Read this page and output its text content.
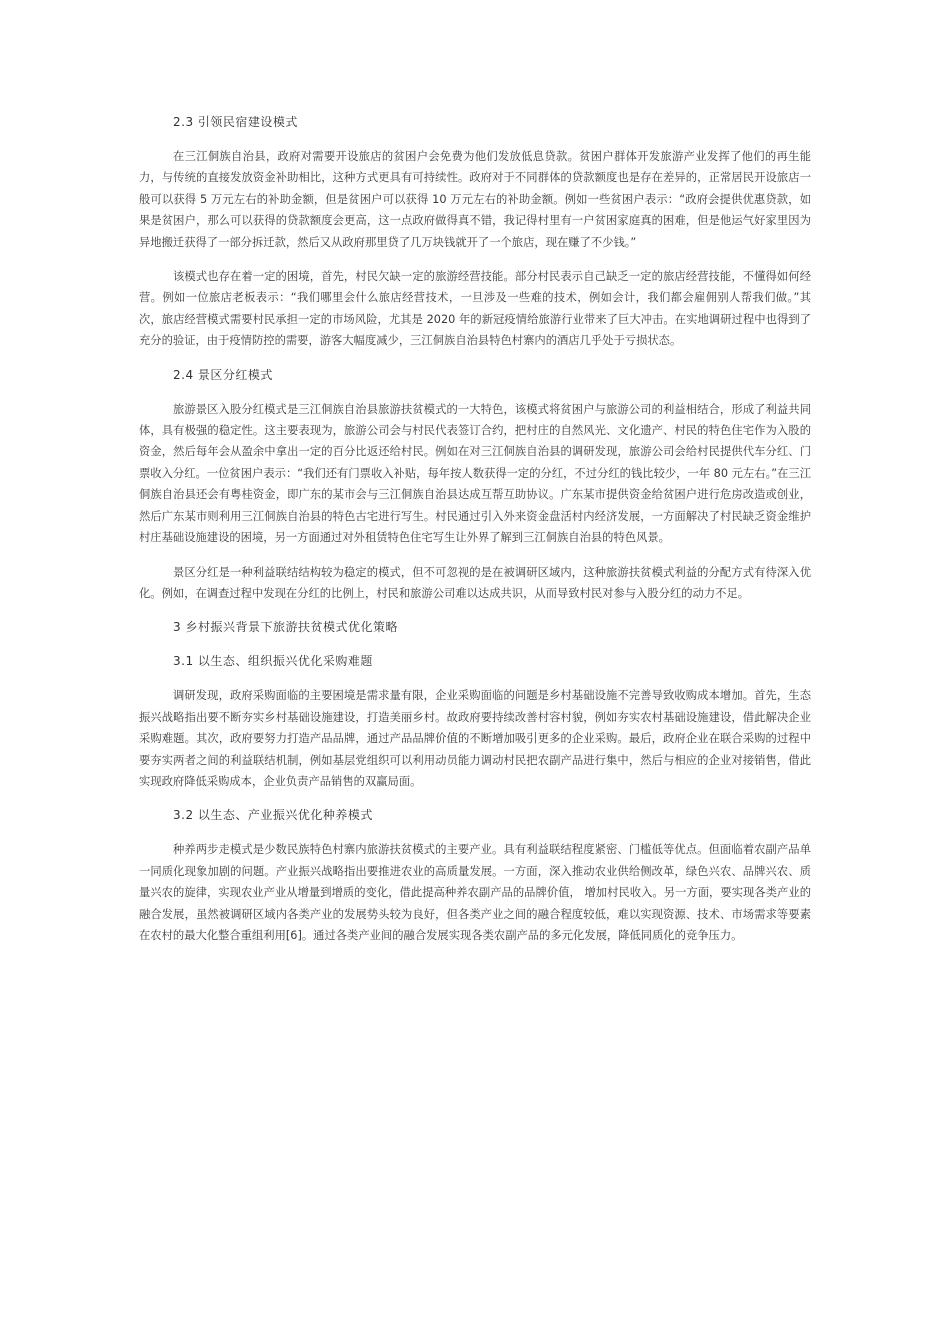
2.3 引领民宿建设模式

在三江侗族自治县，政府对需要开设旅店的贫困户会免费为他们发放低息贷款。贫困户群体开发旅游产业发挥了他们的再生能力，与传统的直接发放资金补助相比，这种方式更具有可持续性。政府对于不同群体的贷款额度也是存在差异的，正常居民开设旅店一般可以获得 5 万元左右的补助金额，但是贫困户可以获得 10 万元左右的补助金额。例如一些贫困户表示：“政府会提供优惠贷款，如果是贫困户，那么可以获得的贷款额度会更高，这一点政府做得真不错，我记得村里有一户贫困家庭真的困难，但是他运气好家里因为异地搬迁获得了一部分拆迁款，然后又从政府那里贷了几万块钱就开了一个旅店，现在赚了不少钱。”

该模式也存在着一定的困境，首先，村民欠缺一定的旅游经营技能。部分村民表示自己缺乏一定的旅店经营技能，不懂得如何经营。例如一位旅店老板表示：“我们哪里会什么旅店经营技术，一旦涉及一些难的技术，例如会计，我们都会雇佣别人帮我们做。”其次，旅店经营模式需要村民承担一定的市场风险，尤其是 2020 年的新冠疫情给旅游行业带来了巨大冲击。在实地调研过程中也得到了充分的验证，由于疫情防控的需要，游客大幅度减少，三江侗族自治县特色村寨内的酒店几乎处于亏损状态。

2.4 景区分红模式

旅游景区入股分红模式是三江侗族自治县旅游扶贫模式的一大特色，该模式将贫困户与旅游公司的利益相结合，形成了利益共同体，具有极强的稳定性。这主要表现为，旅游公司会与村民代表签订合约，把村庄的自然风光、文化遗产、村民的特色住宅作为入股的资金，然后每年会从盈余中拿出一定的百分比返还给村民。例如在对三江侗族自治县的调研发现，旅游公司会给村民提供代车分红、门票收入分红。一位贫困户表示：“我们还有门票收入补贴，每年按人数获得一定的分红，不过分红的钱比较少，一年 80 元左右。”在三江侗族自治县还会有粤桂资金，即广东的某市会与三江侗族自治县达成互帮互助协议。广东某市提供资金给贫困户进行危房改造或创业，然后广东某市则利用三江侗族自治县的特色古宅进行写生。村民通过引入外来资金盘活村内经济发展，一方面解决了村民缺乏资金维护村庄基础设施建设的困境，另一方面通过对外租赁特色住宅写生让外界了解到三江侗族自治县的特色风景。

景区分红是一种利益联结结构较为稳定的模式，但不可忽视的是在被调研区域内，这种旅游扶贫模式利益的分配方式有待深入优化。例如，在调查过程中发现在分红的比例上，村民和旅游公司难以达成共识，从而导致村民对参与入股分红的动力不足。

3 乡村振兴背景下旅游扶贫模式优化策略
3.1 以生态、组织振兴优化采购难题

调研发现，政府采购面临的主要困境是需求量有限，企业采购面临的问题是乡村基础设施不完善导致收购成本增加。首先，生态振兴战略指出要不断夯实乡村基础设施建设，打造美丽乡村。故政府要持续改善村容村貌，例如夯实农村基础设施建设，借此解决企业采购难题。其次，政府要努力打造产品品牌，通过产品品牌价值的不断增加吸引更多的企业采购。最后，政府企业在联合采购的过程中要夯实两者之间的利益联结机制，例如基层党组织可以利用动员能力调动村民把农副产品进行集中，然后与相应的企业对接销售，借此实现政府降低采购成本，企业负责产品销售的双赢局面。

3.2 以生态、产业振兴优化种养模式

种养两步走模式是少数民族特色村寨内旅游扶贫模式的主要产业。具有利益联结程度紧密、门槛低等优点。但面临着农副产品单一同质化现象加剧的问题。产业振兴战略指出要推进农业的高质量发展。一方面，深入推动农业供给侧改革，绿色兴农、品牌兴农、质量兴农的旋律，实现农业产业从增量到增质的变化，借此提高种养农副产品的品牌价值， 增加村民收入。另一方面，要实现各类产业的融合发展，虽然被调研区域内各类产业的发展势头较为良好，但各类产业之间的融合程度较低，难以实现资源、技术、市场需求等要素在农村的最大化整合重组利用[6]。通过各类产业间的融合发展实现各类农副产品的多元化发展，降低同质化的竞争压力。
